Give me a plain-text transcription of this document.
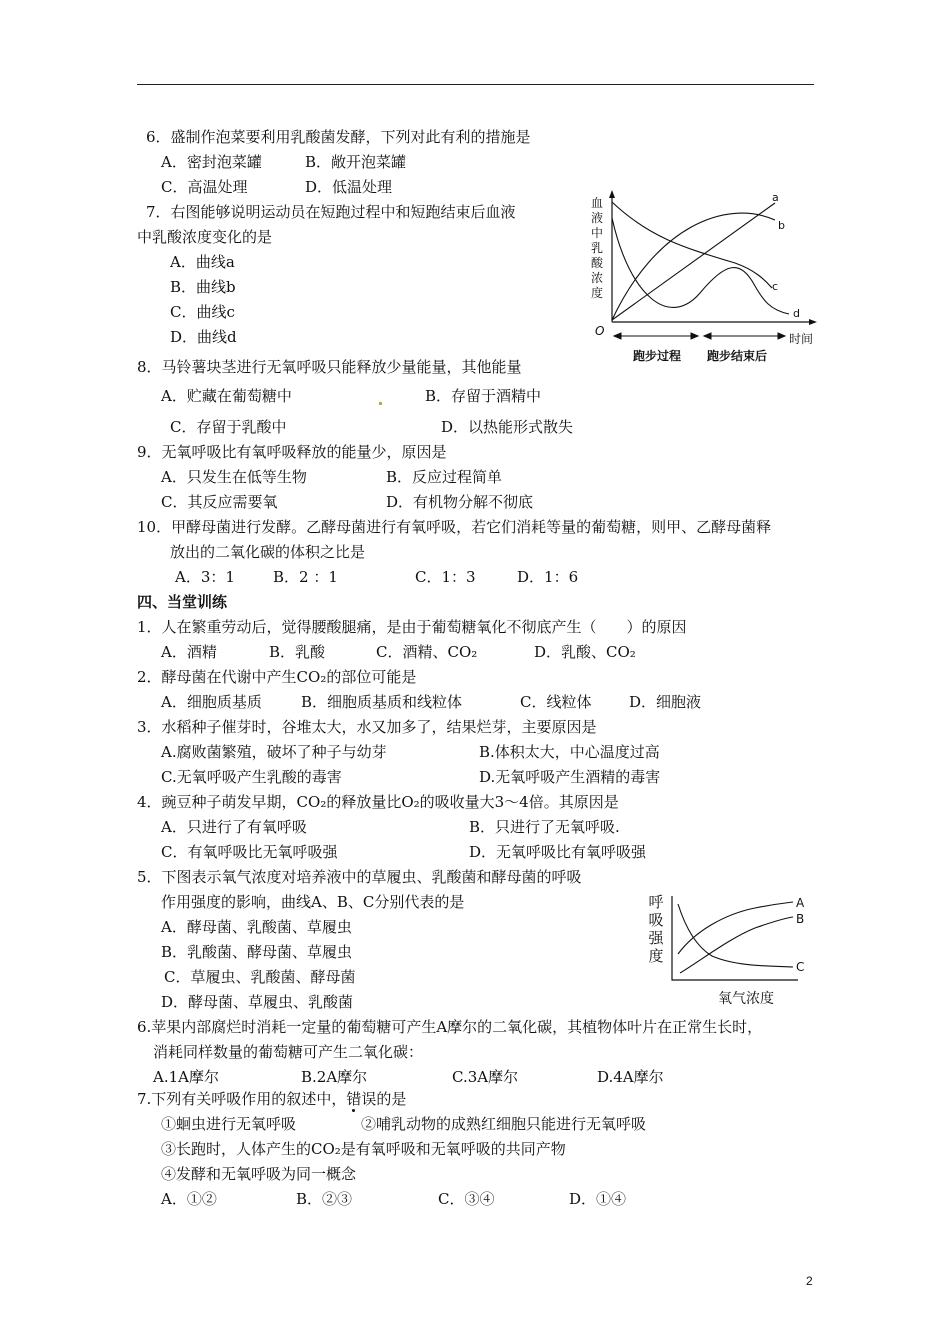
6．盛制作泡菜要利用乳酸菌发酵，下列对此有利的措施是
A．密封泡菜罐	B．敞开泡菜罐
C．高温处理	D．低温处理
7．右图能够说明运动员在短跑过程中和短跑结束后血液
中乳酸浓度变化的是
A．曲线a
B．曲线b
C．曲线c
D．曲线d
血
液
中
乳
酸
浓
度
O
时间
a
b
c
d
跑步过程 跑步结束后
8．马铃薯块茎进行无氧呼吸只能释放少量能量，其他能量
A．贮藏在葡萄糖中	B．存留于酒精中
C．存留于乳酸中	D．以热能形式散失
9．无氧呼吸比有氧呼吸释放的能量少，原因是
A．只发生在低等生物	B．反应过程简单
C．其反应需要氧	D．有机物分解不彻底
10．甲酵母菌进行发酵。乙酵母菌进行有氧呼吸，若它们消耗等量的葡萄糖，则甲、乙酵母菌释
放出的二氧化碳的体积之比是
A．3：1	B．2 ：1	C．1：3	D．1：6
四、当堂训练
1．人在繁重劳动后，觉得腰酸腿痛，是由于葡萄糖氧化不彻底产生（　　）的原因
A．酒精	B．乳酸	C．酒精、CO₂	D．乳酸、CO₂
2．酵母菌在代谢中产生CO₂的部位可能是
A．细胞质基质	B．细胞质基质和线粒体	C．线粒体	D．细胞液
3．水稻种子催芽时，谷堆太大，水又加多了，结果烂芽，主要原因是
A.腐败菌繁殖，破坏了种子与幼芽	B.体积太大，中心温度过高
C.无氧呼吸产生乳酸的毒害	D.无氧呼吸产生酒精的毒害
4．豌豆种子萌发早期，CO₂的释放量比O₂的吸收量大3～4倍。其原因是
A．只进行了有氧呼吸	B．只进行了无氧呼吸.
C．有氧呼吸比无氧呼吸强	D．无氧呼吸比有氧呼吸强
5．下图表示氧气浓度对培养液中的草履虫、乳酸菌和酵母菌的呼吸
作用强度的影响，曲线A、B、C分别代表的是
A．酵母菌、乳酸菌、草履虫
B．乳酸菌、酵母菌、草履虫
C．草履虫、乳酸菌、酵母菌
D．酵母菌、草履虫、乳酸菌
呼
吸
强
度
A
B
C
氧气浓度
6.苹果内部腐烂时消耗一定量的葡萄糖可产生A摩尔的二氧化碳，其植物体叶片在正常生长时，
消耗同样数量的葡萄糖可产生二氧化碳：
A.1A摩尔	B.2A摩尔	C.3A摩尔	D.4A摩尔
7.下列有关呼吸作用的叙述中，错误的是
①蛔虫进行无氧呼吸	②哺乳动物的成熟红细胞只能进行无氧呼吸
③长跑时，人体产生的CO₂是有氧呼吸和无氧呼吸的共同产物
④发酵和无氧呼吸为同一概念
A．①②	B．②③	C．③④	D．①④
2
